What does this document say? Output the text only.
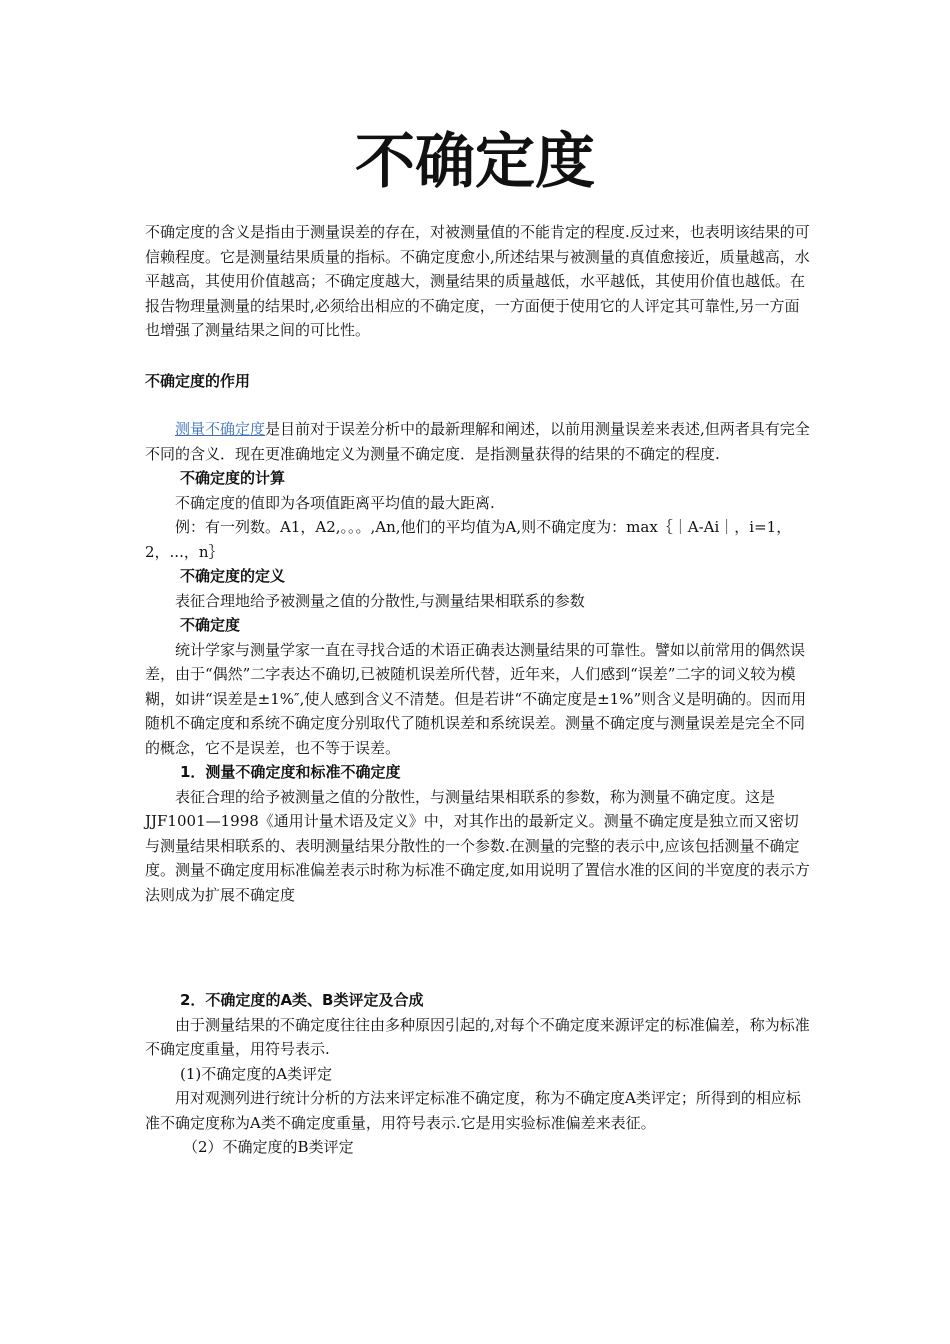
不确定度

不确定度的含义是指由于测量误差的存在，对被测量值的不能肯定的程度.反过来，也表明该结果的可信赖程度。它是测量结果质量的指标。不确定度愈小,所述结果与被测量的真值愈接近，质量越高，水平越高，其使用价值越高；不确定度越大，测量结果的质量越低，水平越低，其使用价值也越低。在报告物理量测量的结果时,必须给出相应的不确定度，一方面便于使用它的人评定其可靠性,另一方面也增强了测量结果之间的可比性。

不确定度的作用

测量不确定度是目前对于误差分析中的最新理解和阐述，以前用测量误差来表述,但两者具有完全不同的含义．现在更准确地定义为测量不确定度．是指测量获得的结果的不确定的程度.

不确定度的计算

不确定度的值即为各项值距离平均值的最大距离.

例：有一列数。A1，A2,。。。,An,他们的平均值为A,则不确定度为：max｛｜A-Ai｜，i=1，2，...，n｝

不确定度的定义

表征合理地给予被测量之值的分散性,与测量结果相联系的参数

不确定度

统计学家与测量学家一直在寻找合适的术语正确表达测量结果的可靠性。譬如以前常用的偶然误差，由于“偶然”二字表达不确切,已被随机误差所代替，近年来，人们感到“误差”二字的词义较为模糊，如讲“误差是±1%″,使人感到含义不清楚。但是若讲“不确定度是±1%”则含义是明确的。因而用随机不确定度和系统不确定度分别取代了随机误差和系统误差。测量不确定度与测量误差是完全不同的概念，它不是误差，也不等于误差。

1．测量不确定度和标准不确定度

表征合理的给予被测量之值的分散性，与测量结果相联系的参数，称为测量不确定度。这是JJF1001—1998《通用计量术语及定义》中，对其作出的最新定义。测量不确定度是独立而又密切与测量结果相联系的、表明测量结果分散性的一个参数.在测量的完整的表示中,应该包括测量不确定度。测量不确定度用标准偏差表示时称为标准不确定度,如用说明了置信水准的区间的半宽度的表示方法则成为扩展不确定度

2．不确定度的A类、B类评定及合成

由于测量结果的不确定度往往由多种原因引起的,对每个不确定度来源评定的标准偏差，称为标准不确定度重量，用符号表示.

(1)不确定度的A类评定

用对观测列进行统计分析的方法来评定标准不确定度，称为不确定度A类评定；所得到的相应标准不确定度称为A类不确定度重量，用符号表示.它是用实验标准偏差来表征。

（2）不确定度的B类评定
